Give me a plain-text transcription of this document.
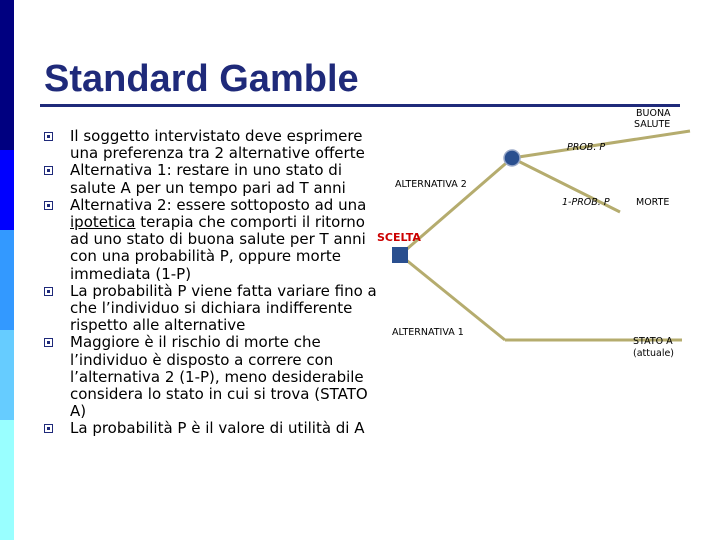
Standard Gamble
Il soggetto intervistato deve esprimere una preferenza tra 2 alternative offerte
Alternativa 1: restare in uno stato di salute A per un tempo pari ad T anni
Alternativa 2: essere sottoposto ad una ipotetica terapia che comporti il ritorno ad uno stato di buona salute per T anni con una probabilità P, oppure morte immediata (1-P)
La probabilità P viene fatta variare fino a che l’individuo si dichiara indifferente rispetto alle alternative
Maggiore è il rischio di morte che l’individuo è disposto a correre con l’alternativa 2 (1-P), meno desiderabile considera lo stato in cui si trova (STATO A)
La probabilità P è il valore di utilità di A
SCELTA
ALTERNATIVA 2
ALTERNATIVA 1
PROB. P
1-PROB. P
BUONA
SALUTE
MORTE
STATO A
(attuale)
